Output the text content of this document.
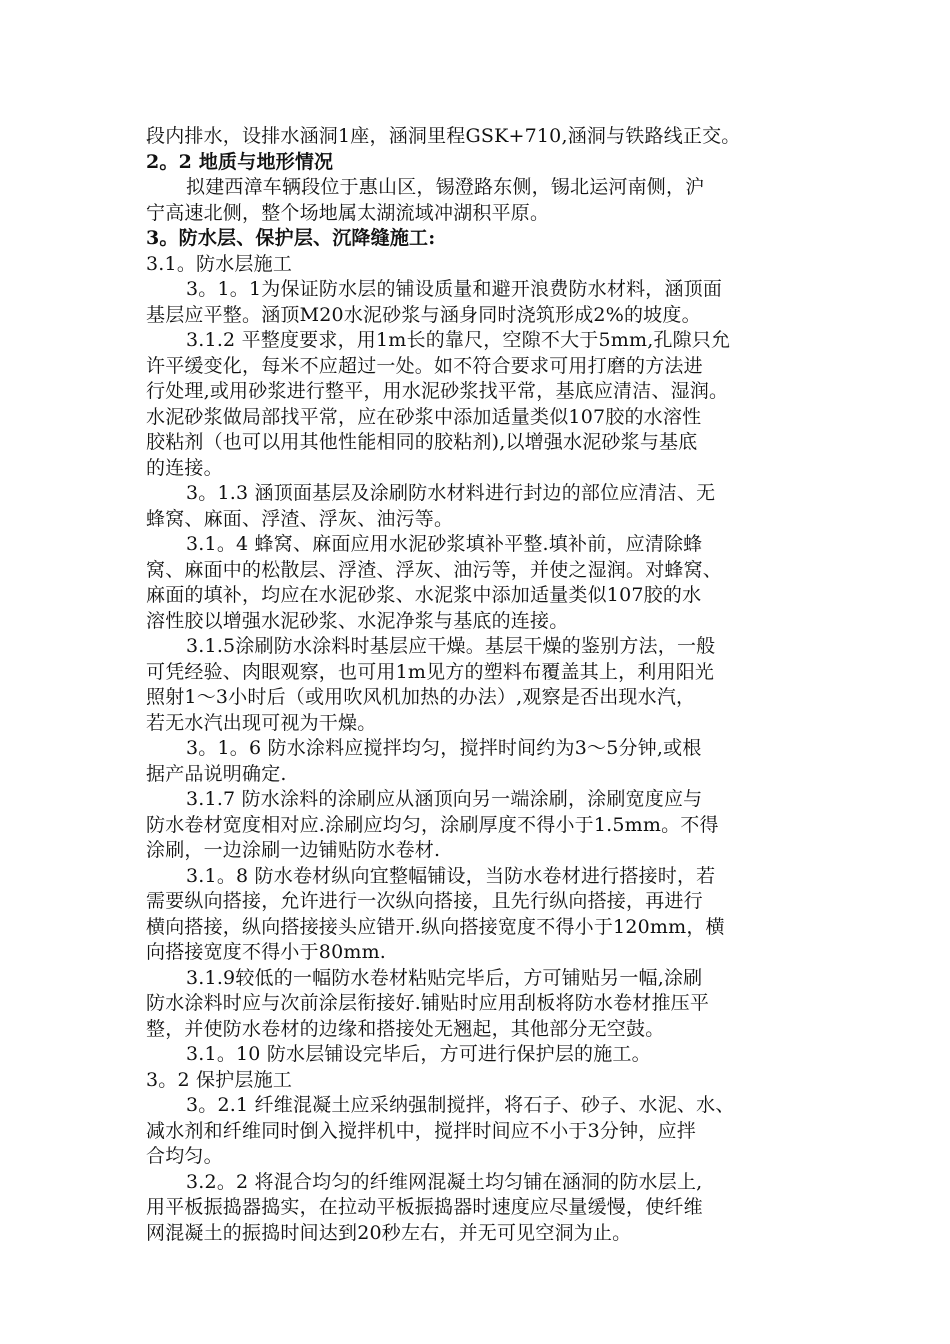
段内排水，设排水涵洞1座，涵洞里程GSK+710,涵洞与铁路线正交。
2。2 地质与地形情况
拟建西漳车辆段位于惠山区，锡澄路东侧，锡北运河南侧，沪
宁高速北侧，整个场地属太湖流域冲湖积平原。
3。防水层、保护层、沉降缝施工:
3.1。防水层施工
3。1。1为保证防水层的铺设质量和避开浪费防水材料，涵顶面
基层应平整。涵顶M20水泥砂浆与涵身同时浇筑形成2%的坡度。
3.1.2 平整度要求，用1m长的靠尺，空隙不大于5mm,孔隙只允
许平缓变化，每米不应超过一处。如不符合要求可用打磨的方法进
行处理,或用砂浆进行整平，用水泥砂浆找平常，基底应清洁、湿润。
水泥砂浆做局部找平常，应在砂浆中添加适量类似107胶的水溶性
胶粘剂（也可以用其他性能相同的胶粘剂),以增强水泥砂浆与基底
的连接。
3。1.3 涵顶面基层及涂刷防水材料进行封边的部位应清洁、无
蜂窝、麻面、浮渣、浮灰、油污等。
3.1。4 蜂窝、麻面应用水泥砂浆填补平整.填补前，应清除蜂
窝、麻面中的松散层、浮渣、浮灰、油污等，并使之湿润。对蜂窝、
麻面的填补，均应在水泥砂浆、水泥浆中添加适量类似107胶的水
溶性胶以增强水泥砂浆、水泥净浆与基底的连接。
3.1.5涂刷防水涂料时基层应干燥。基层干燥的鉴别方法，一般
可凭经验、肉眼观察，也可用1m见方的塑料布覆盖其上，利用阳光
照射1～3小时后（或用吹风机加热的办法）,观察是否出现水汽，
若无水汽出现可视为干燥。
3。1。6 防水涂料应搅拌均匀，搅拌时间约为3～5分钟,或根
据产品说明确定.
3.1.7 防水涂料的涂刷应从涵顶向另一端涂刷，涂刷宽度应与
防水卷材宽度相对应.涂刷应均匀，涂刷厚度不得小于1.5mm。不得
涂刷，一边涂刷一边铺贴防水卷材.
3.1。8 防水卷材纵向宜整幅铺设，当防水卷材进行搭接时，若
需要纵向搭接，允许进行一次纵向搭接，且先行纵向搭接，再进行
横向搭接，纵向搭接接头应错开.纵向搭接宽度不得小于120mm，横
向搭接宽度不得小于80mm.
3.1.9较低的一幅防水卷材粘贴完毕后，方可铺贴另一幅,涂刷
防水涂料时应与次前涂层衔接好.铺贴时应用刮板将防水卷材推压平
整，并使防水卷材的边缘和搭接处无翘起，其他部分无空鼓。
3.1。10 防水层铺设完毕后，方可进行保护层的施工。
3。2 保护层施工
3。2.1 纤维混凝土应采纳强制搅拌，将石子、砂子、水泥、水、
减水剂和纤维同时倒入搅拌机中，搅拌时间应不小于3分钟，应拌
合均匀。
3.2。2 将混合均匀的纤维网混凝土均匀铺在涵洞的防水层上,
用平板振捣器捣实，在拉动平板振捣器时速度应尽量缓慢，使纤维
网混凝土的振捣时间达到20秒左右，并无可见空洞为止。
